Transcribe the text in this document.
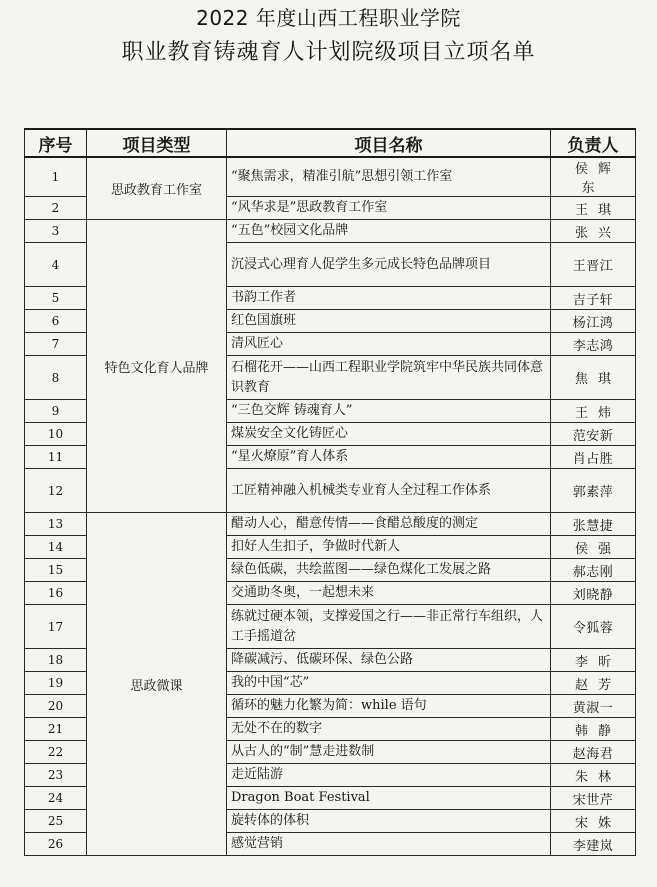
2022 年度山西工程职业学院
职业教育铸魂育人计划院级项目立项名单
序号	项目类型	项目名称	负责人
1	思政教育工作室	“聚焦需求，精准引航”思想引领工作室	侯辉东
2		“风华求是”思政教育工作室	王琪
3	特色文化育人品牌	“五色”校园文化品牌	张兴
4		沉浸式心理育人促学生多元成长特色品牌项目	王晋江
5		书韵工作者	吉子轩
6		红色国旗班	杨江鸿
7		清风匠心	李志鸿
8		石榴花开——山西工程职业学院筑牢中华民族共同体意识教育	焦琪
9		“三色交辉 铸魂育人”	王炜
10		煤炭安全文化铸匠心	范安新
11		“星火燎原”育人体系	肖占胜
12		工匠精神融入机械类专业育人全过程工作体系	郭素萍
13	思政微课	醋动人心，醋意传情——食醋总酸度的测定	张慧捷
14		扣好人生扣子，争做时代新人	侯强
15		绿色低碳，共绘蓝图——绿色煤化工发展之路	郝志刚
16		交通助冬奥，一起想未来	刘晓静
17		练就过硬本领，支撑爱国之行——非正常行车组织，人工手摇道岔	令狐蓉
18		降碳减污、低碳环保、绿色公路	李昕
19		我的中国“芯”	赵芳
20		循环的魅力化繁为简：while 语句	黄淑一
21		无处不在的数字	韩静
22		从古人的“制”慧走进数制	赵海君
23		走近陆游	朱林
24		Dragon Boat Festival	宋世芹
25		旋转体的体积	宋姝
26		感觉营销	李建岚
